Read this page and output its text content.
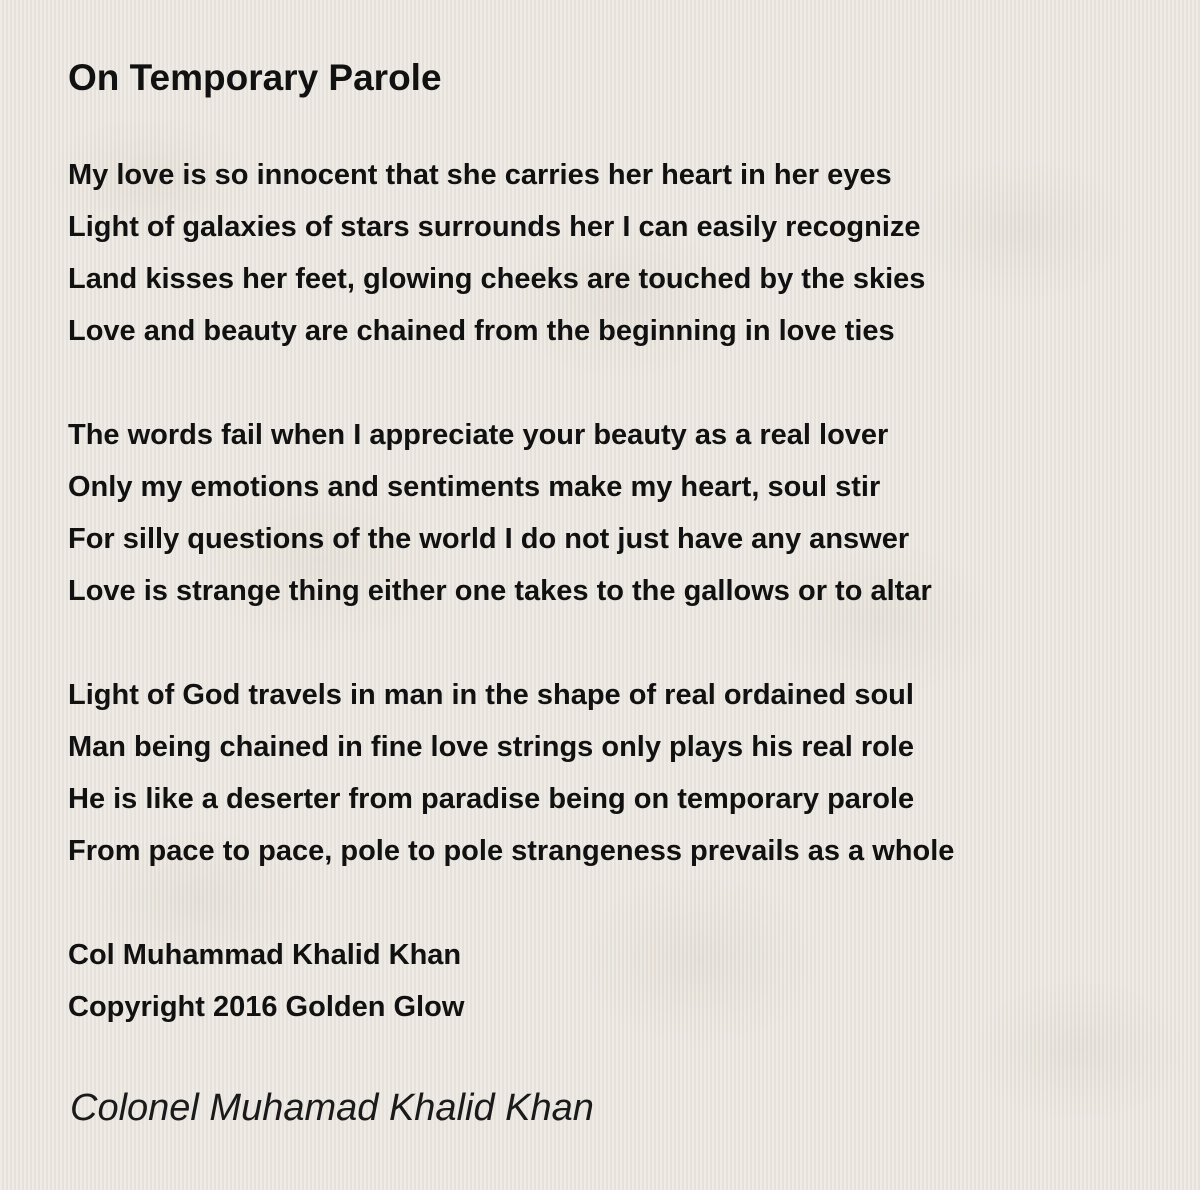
On Temporary Parole
My love is so innocent that she carries her heart in her eyes
Light of galaxies of stars surrounds her I can easily recognize
Land kisses her feet, glowing cheeks are touched by the skies
Love and beauty are chained from the beginning in love ties
The words fail when I appreciate your beauty as a real lover
Only my emotions and sentiments make my heart, soul stir
For silly questions of the world I do not just have any answer
Love is strange thing either one takes to the gallows or to altar
Light of God travels in man in the shape of real ordained soul
Man being chained in fine love strings only plays his real role
He is like a deserter from paradise being on temporary parole
From pace to pace, pole to pole strangeness prevails as a whole
Col Muhammad Khalid Khan
Copyright 2016 Golden Glow
Colonel Muhamad Khalid Khan
